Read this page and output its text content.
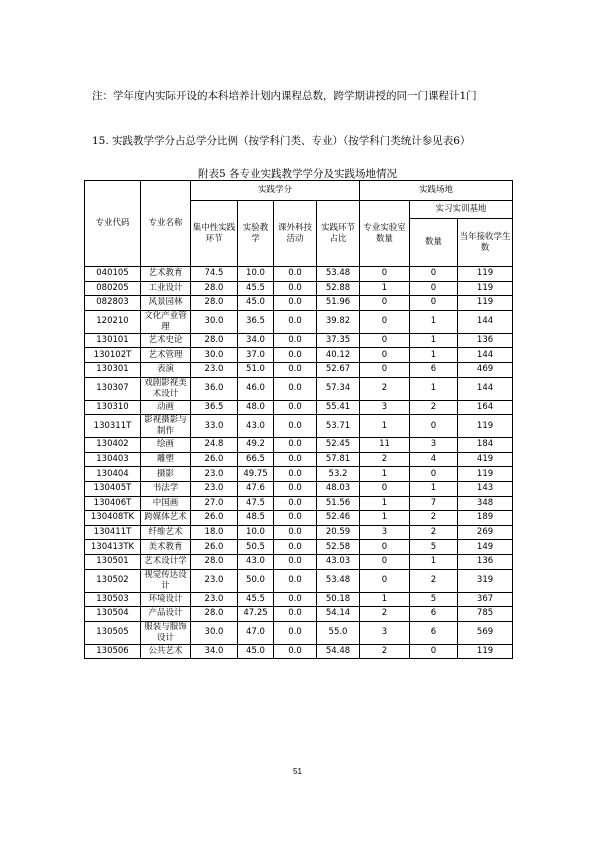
注：学年度内实际开设的本科培养计划内课程总数，跨学期讲授的同一门课程计1门
15. 实践教学学分占总学分比例（按学科门类、专业）（按学科门类统计参见表6）
附表5 各专业实践教学学分及实践场地情况
专业代码	专业名称	实践学分				实践场地		
		集中性实践环节	实验教学	课外科技活动	实践环节占比	专业实验室数量	实习实训基地	
							数量	当年接收学生数
040105	艺术教育	74.5	10.0	0.0	53.48	0	0	119
080205	工业设计	28.0	45.5	0.0	52.88	1	0	119
082803	风景园林	28.0	45.0	0.0	51.96	0	0	119
120210	文化产业管理	30.0	36.5	0.0	39.82	0	1	144
130101	艺术史论	28.0	34.0	0.0	37.35	0	1	136
130102T	艺术管理	30.0	37.0	0.0	40.12	0	1	144
130301	表演	23.0	51.0	0.0	52.67	0	6	469
130307	戏剧影视美术设计	36.0	46.0	0.0	57.34	2	1	144
130310	动画	36.5	48.0	0.0	55.41	3	2	164
130311T	影视摄影与制作	33.0	43.0	0.0	53.71	1	0	119
130402	绘画	24.8	49.2	0.0	52.45	11	3	184
130403	雕塑	26.0	66.5	0.0	57.81	2	4	419
130404	摄影	23.0	49.75	0.0	53.2	1	0	119
130405T	书法学	23.0	47.6	0.0	48.03	0	1	143
130406T	中国画	27.0	47.5	0.0	51.56	1	7	348
130408TK	跨媒体艺术	26.0	48.5	0.0	52.46	1	2	189
130411T	纤维艺术	18.0	10.0	0.0	20.59	3	2	269
130413TK	美术教育	26.0	50.5	0.0	52.58	0	5	149
130501	艺术设计学	28.0	43.0	0.0	43.03	0	1	136
130502	视觉传达设计	23.0	50.0	0.0	53.48	0	2	319
130503	环境设计	23.0	45.5	0.0	50.18	1	5	367
130504	产品设计	28.0	47.25	0.0	54.14	2	6	785
130505	服装与服饰设计	30.0	47.0	0.0	55.0	3	6	569
130506	公共艺术	34.0	45.0	0.0	54.48	2	0	119
51
